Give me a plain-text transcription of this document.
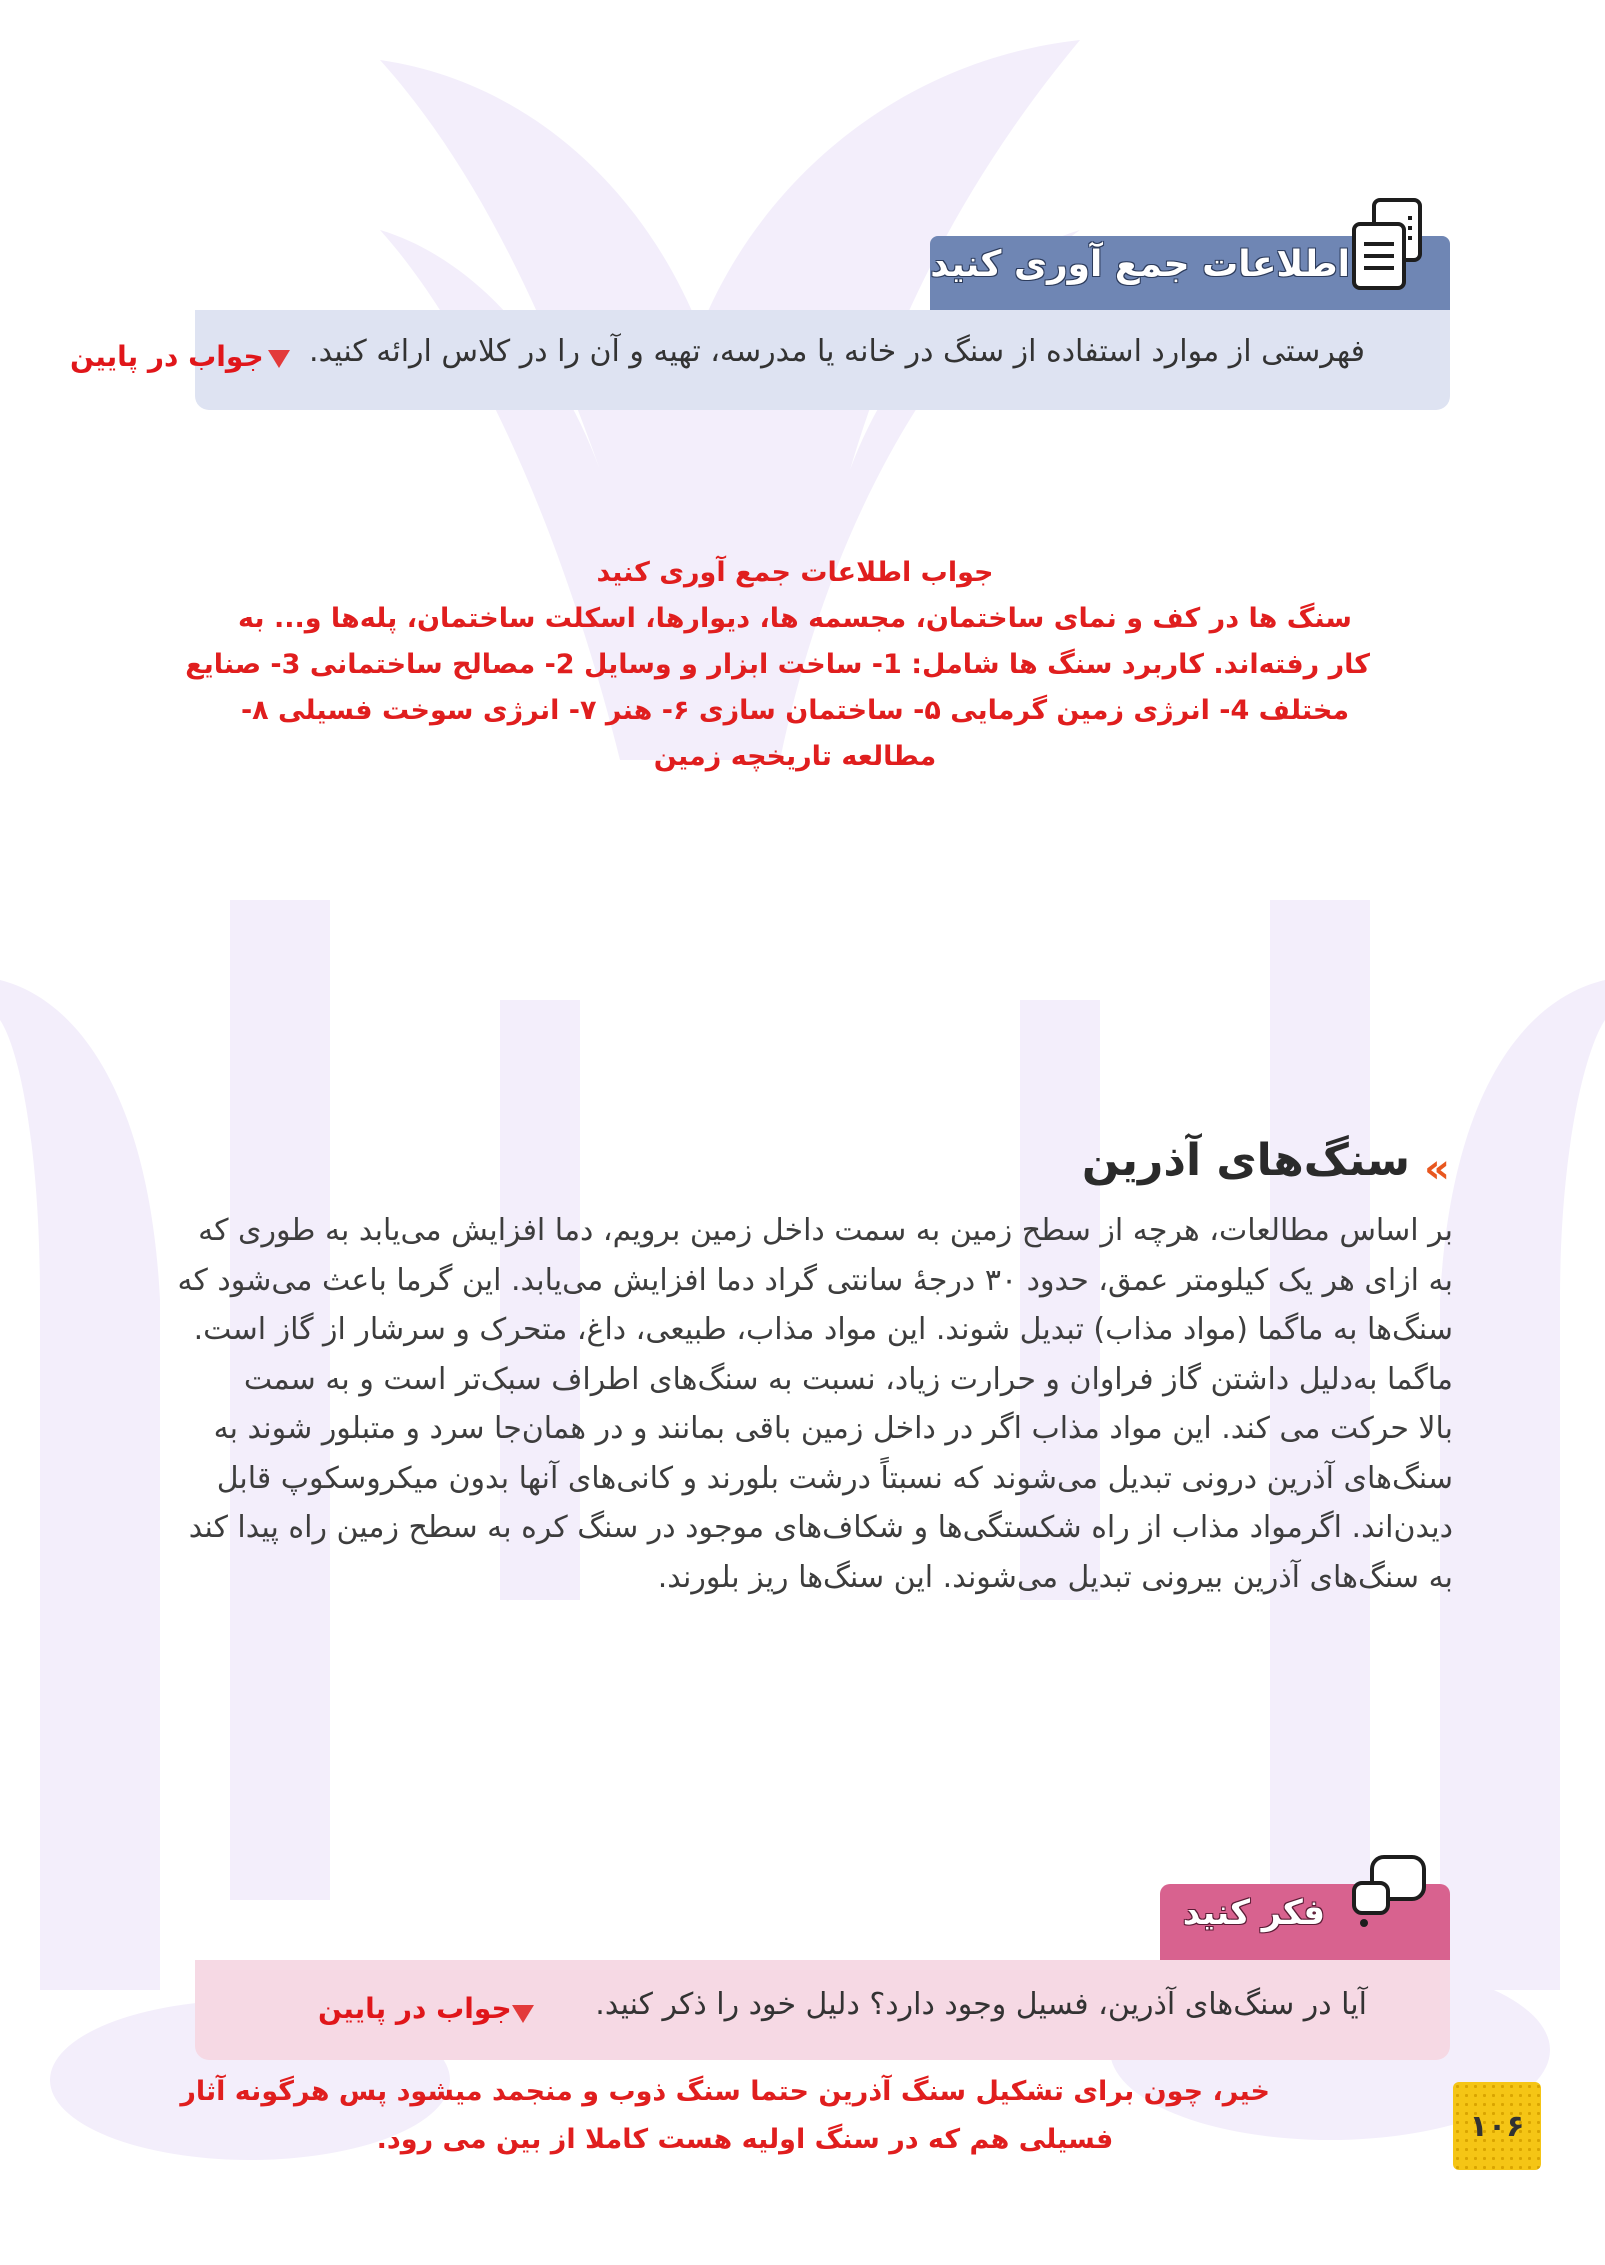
اطلاعات جمع آوری کنید
فهرستی از موارد استفاده از سنگ در خانه یا مدرسه، تهیه و آن را در کلاس ارائه کنید.
جواب در پایین
جواب اطلاعات جمع آوری کنید
سنگ ها در کف و نمای ساختمان، مجسمه ها، دیوارها، اسکلت ساختمان، پله‌ها و... به
کار رفته‌اند. کاربرد سنگ ها شامل: 1- ساخت ابزار و وسایل 2- مصالح ساختمانی 3- صنایع
مختلف 4- انرژی زمین گرمایی ۵- ساختمان سازی ۶- هنر ۷- انرژی سوخت فسیلی ۸-
مطالعه تاریخچه زمین
«
سنگ‌های آذرین
بر اساس مطالعات، هرچه از سطح زمین به سمت داخل زمین برویم، دما افزایش می‌یابد به طوری که
به ازای هر یک کیلومتر عمق، حدود ۳۰ درجهٔ سانتی گراد دما افزایش می‌یابد. این گرما باعث می‌شود که
سنگ‌ها به ماگما (مواد مذاب) تبدیل شوند. این مواد مذاب، طبیعی، داغ، متحرک و سرشار از گاز است.
ماگما به‌دلیل داشتن گاز فراوان و حرارت زیاد، نسبت به سنگ‌های اطراف سبک‌تر است و به سمت
بالا حرکت می کند. این مواد مذاب اگر در داخل زمین باقی بمانند و در همان‌جا سرد و متبلور شوند به
سنگ‌های آذرین درونی تبدیل می‌شوند که نسبتاً درشت بلورند و کانی‌های آنها بدون میکروسکوپ قابل
دیدن‌اند. اگرمواد مذاب از راه شکستگی‌ها و شکاف‌های موجود در سنگ کره به سطح زمین راه پیدا کند
به سنگ‌های آذرین بیرونی تبدیل می‌شوند. این سنگ‌ها ریز بلورند.
فکر کنید
آیا در سنگ‌های آذرین، فسیل وجود دارد؟ دلیل خود را ذکر کنید.
جواب در پایین
خیر، چون برای تشکیل سنگ آذرین حتما سنگ ذوب و منجمد میشود پس هرگونه آثار
فسیلی هم که در سنگ اولیه هست کاملا از بین می رود.	۱۰۶
